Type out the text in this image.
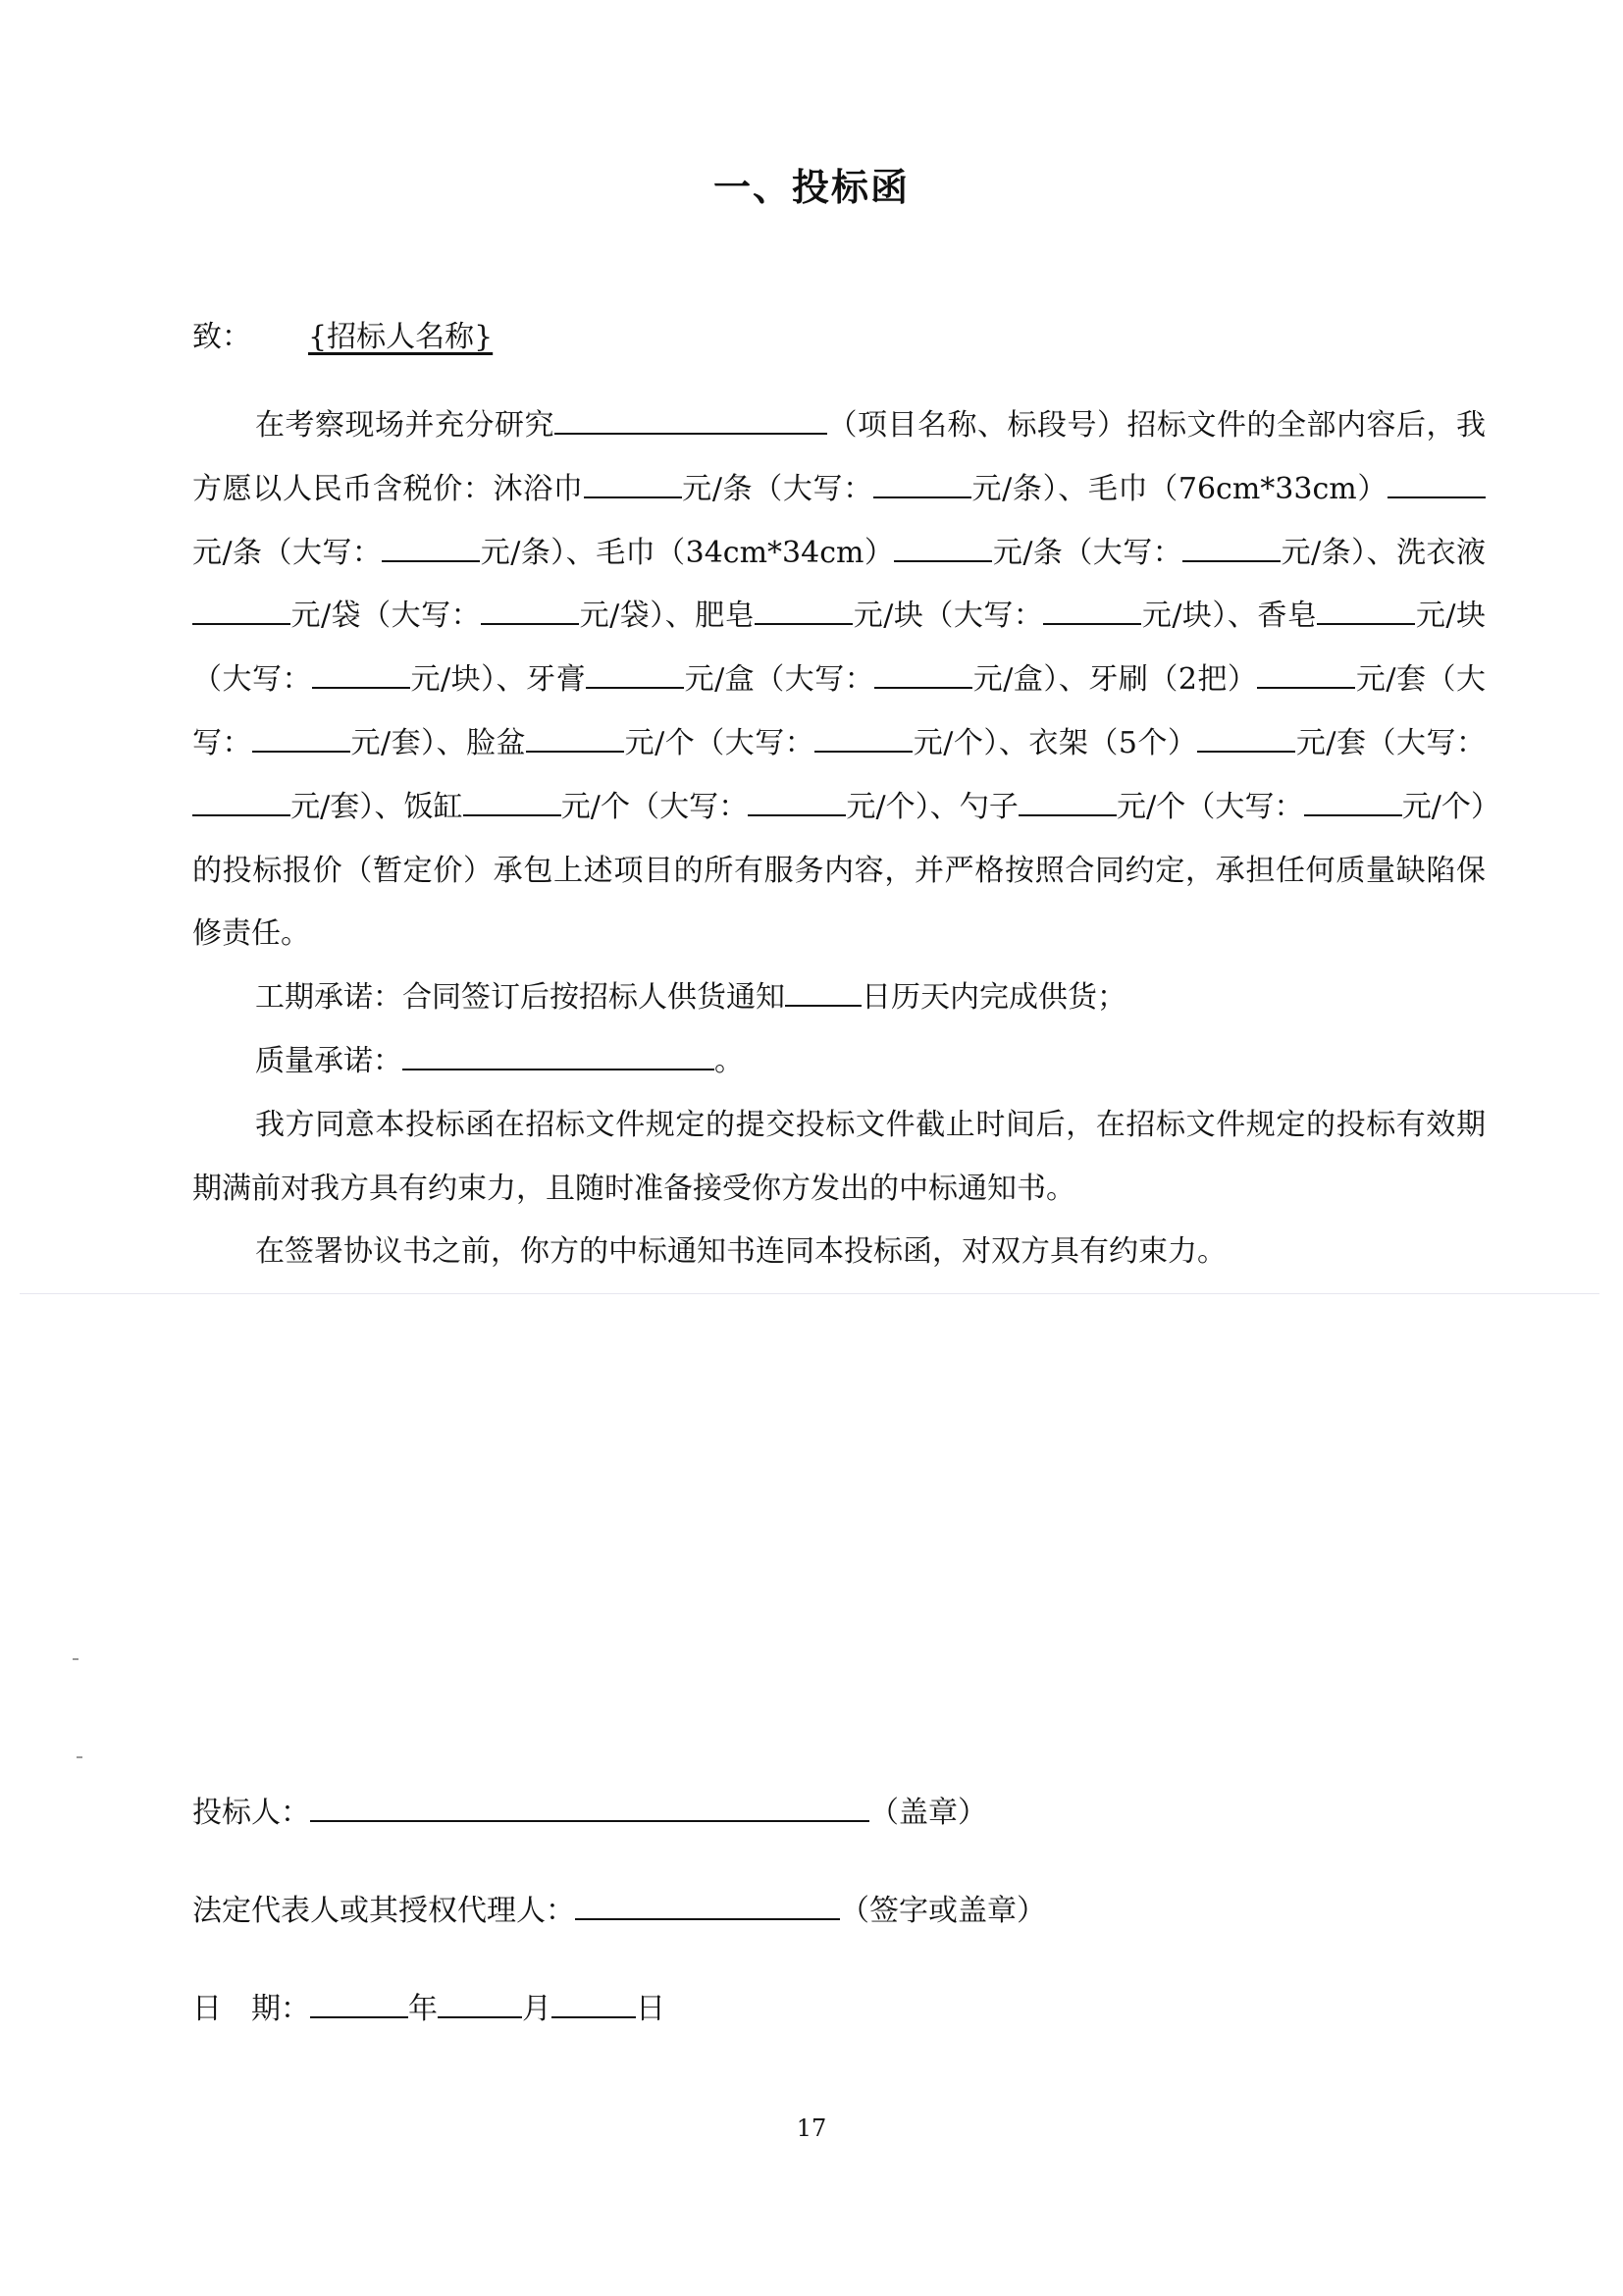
一、投标函
致： {招标人名称}

在考察现场并充分研究	（项目名称、标段号）招标文件的全部内容后，我方愿以人民币含税价：沐浴巾	元/条（大写：	元/条）、毛巾（76cm*33cm）元/条（大写：	元/条）、毛巾（34cm*34cm）	元/条（大写：	元/条）、洗衣液元/袋（大写：	元/袋）、肥皂	元/块（大写：	元/块）、香皂	元/块（大写：	元/块）、牙膏	元/盒（大写：	元/盒）、牙刷（2把）	元/套（大写：	元/套）、脸盆	元/个（大写：	元/个）、衣架（5个）	元/套（大写：元/套）、饭缸	元/个（大写：	元/个）、勺子	元/个（大写：	元/个）的投标报价（暂定价）承包上述项目的所有服务内容，并严格按照合同约定，承担任何质量缺陷保修责任。

工期承诺：合同签订后按招标人供货通知	日历天内完成供货；

质量承诺：	。

我方同意本投标函在招标文件规定的提交投标文件截止时间后，在招标文件规定的投标有效期期满前对我方具有约束力，且随时准备接受你方发出的中标通知书。

在签署协议书之前，你方的中标通知书连同本投标函，对双方具有约束力。

投标人：	（盖章）
法定代表人或其授权代理人：	（签字或盖章）
日　期：	年	月	日
17
